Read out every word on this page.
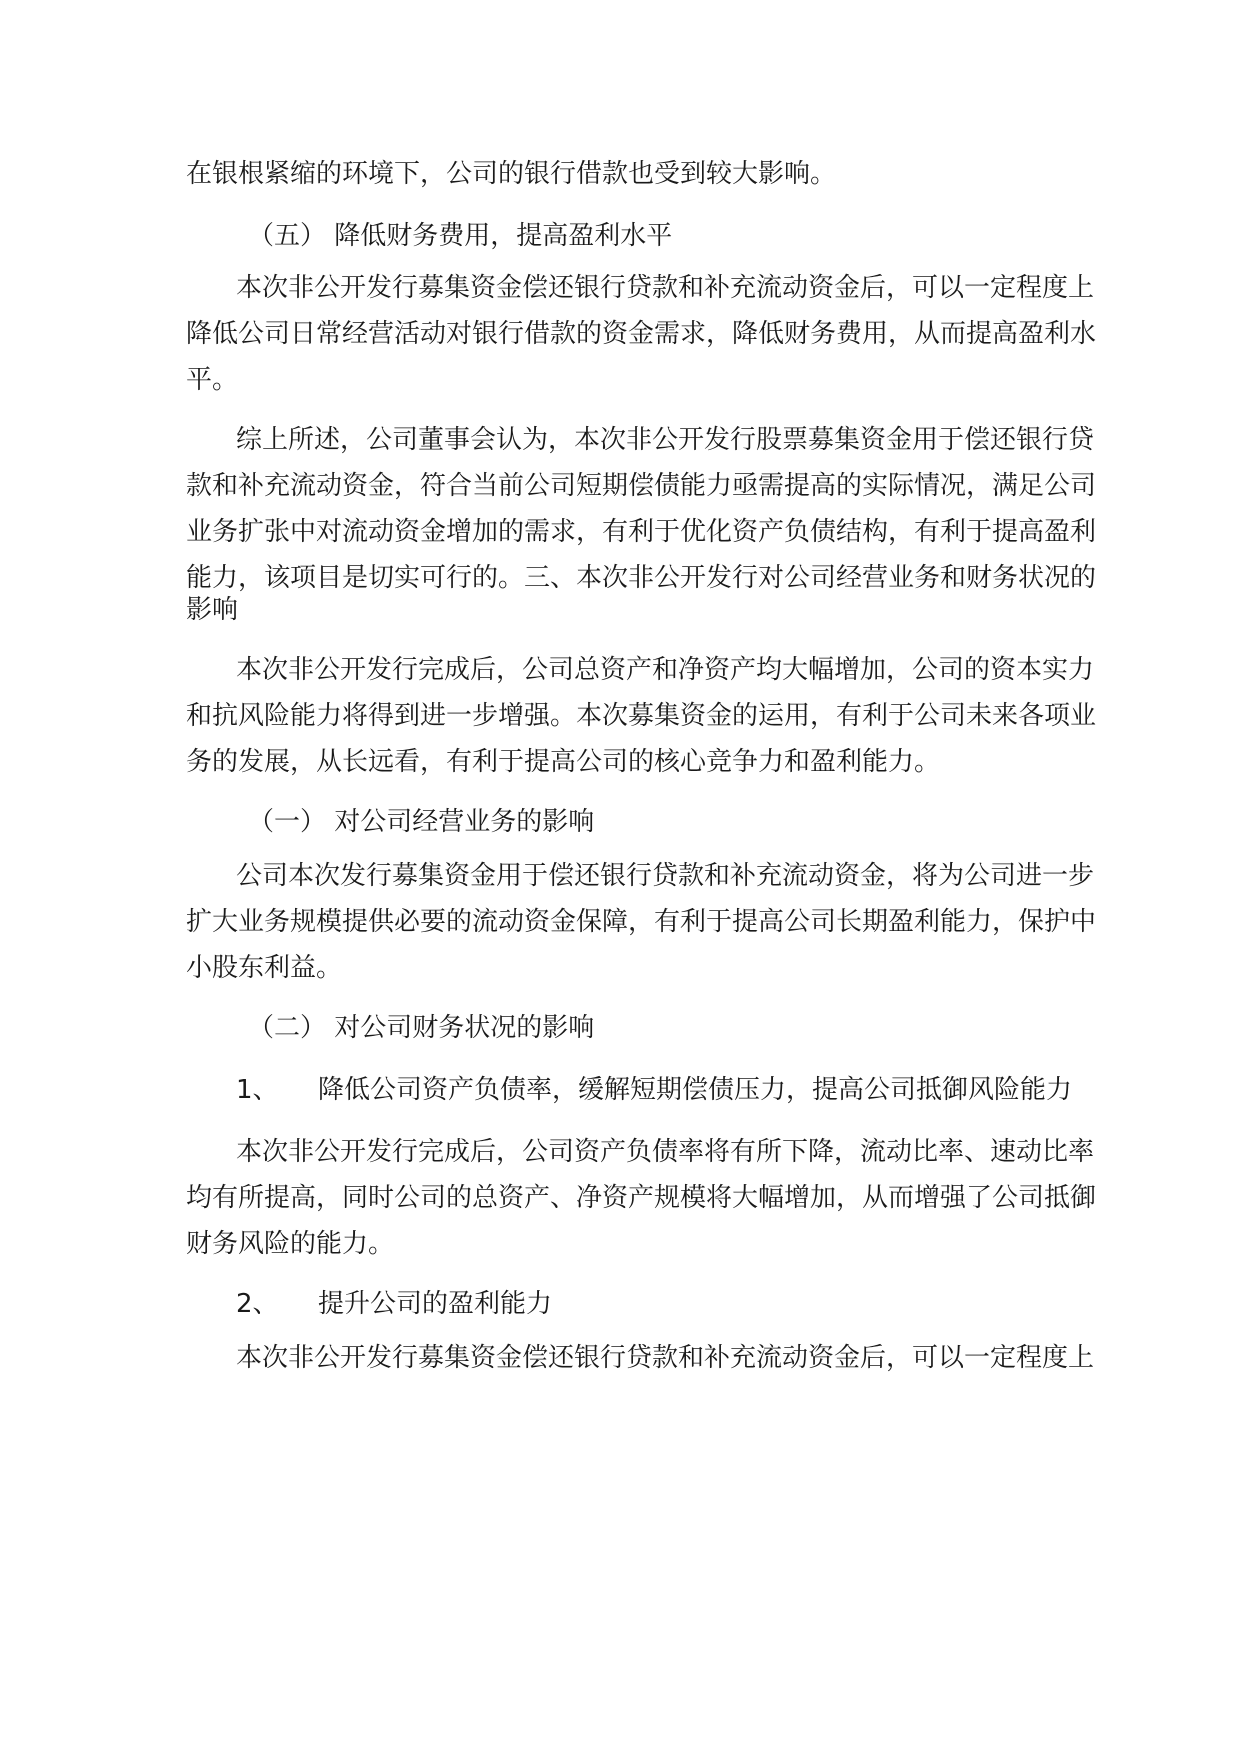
在银根紧缩的环境下，公司的银行借款也受到较大影响。
（五） 降低财务费用，提高盈利水平
本次非公开发行募集资金偿还银行贷款和补充流动资金后，可以一定程度上
降低公司日常经营活动对银行借款的资金需求，降低财务费用，从而提高盈利水
平。
综上所述，公司董事会认为，本次非公开发行股票募集资金用于偿还银行贷
款和补充流动资金，符合当前公司短期偿债能力亟需提高的实际情况，满足公司
业务扩张中对流动资金增加的需求，有利于优化资产负债结构，有利于提高盈利
能力，该项目是切实可行的。三、本次非公开发行对公司经营业务和财务状况的
影响
本次非公开发行完成后，公司总资产和净资产均大幅增加，公司的资本实力
和抗风险能力将得到进一步增强。本次募集资金的运用，有利于公司未来各项业
务的发展，从长远看，有利于提高公司的核心竞争力和盈利能力。
（一） 对公司经营业务的影响
公司本次发行募集资金用于偿还银行贷款和补充流动资金，将为公司进一步
扩大业务规模提供必要的流动资金保障，有利于提高公司长期盈利能力，保护中
小股东利益。
（二） 对公司财务状况的影响
1、 降低公司资产负债率，缓解短期偿债压力，提高公司抵御风险能力
本次非公开发行完成后，公司资产负债率将有所下降，流动比率、速动比率
均有所提高，同时公司的总资产、净资产规模将大幅增加，从而增强了公司抵御
财务风险的能力。
2、 提升公司的盈利能力
本次非公开发行募集资金偿还银行贷款和补充流动资金后，可以一定程度上
